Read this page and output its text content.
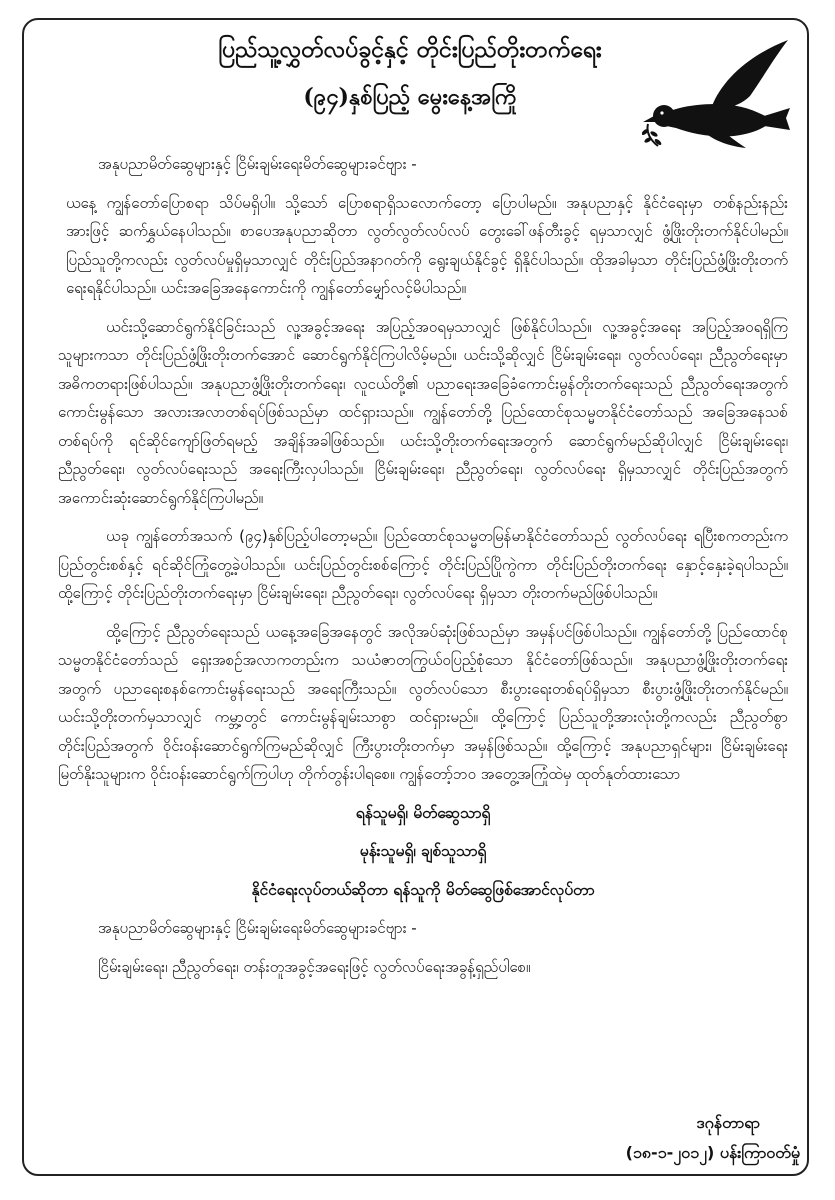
ပြည်သူ့လွှတ်လပ်ခွင့်နှင့် တိုင်းပြည်တိုးတက်ရေး
(၉၄)နှစ်ပြည့် မွေးနေ့အကြို

အနုပညာမိတ်ဆွေများနှင့် ငြိမ်းချမ်းရေးမိတ်ဆွေများခင်ဗျား -

ယနေ့ ကျွန်တော်ပြောစရာ သိပ်မရှိပါ။ သို့သော် ပြောစရာရှိသလောက်တော့ ပြောပါမည်။ အနုပညာနှင့် နိုင်ငံရေးမှာ တစ်နည်းနည်းအားဖြင့် ဆက်နွှယ်နေပါသည်။ စာပေအနုပညာဆိုတာ လွတ်လွတ်လပ်လပ် တွေးခေါ်ဖန်တီးခွင့် ရမှသာလျှင် ဖွံ့ဖြိုးတိုးတက်နိုင်ပါမည်။ ပြည်သူတို့ကလည်း လွတ်လပ်မှုရှိမှသာလျှင် တိုင်းပြည်အနာဂတ်ကို ရွေးချယ်နိုင်ခွင့် ရှိနိုင်ပါသည်။ ထိုအခါမှသာ တိုင်းပြည်ဖွံ့ဖြိုးတိုးတက်ရေးရနိုင်ပါသည်။ ယင်းအခြေအနေကောင်းကို ကျွန်တော်မျှော်လင့်မိပါသည်။

ယင်းသို့ဆောင်ရွက်နိုင်ခြင်းသည် လူ့အခွင့်အရေး အပြည့်အဝရမှသာလျှင် ဖြစ်နိုင်ပါသည်။ လူ့အခွင့်အရေး အပြည့်အဝရရှိကြသူများကသာ တိုင်းပြည်ဖွံ့ဖြိုးတိုးတက်အောင် ဆောင်ရွက်နိုင်ကြပါလိမ့်မည်။ ယင်းသို့ဆိုလျှင် ငြိမ်းချမ်းရေး၊ လွတ်လပ်ရေး၊ ညီညွတ်ရေးမှာ အဓိကတရားဖြစ်ပါသည်။ အနုပညာဖွံ့ဖြိုးတိုးတက်ရေး၊ လူငယ်တို့၏ ပညာရေးအခြေခံကောင်းမွန်တိုးတက်ရေးသည် ညီညွတ်ရေးအတွက် ကောင်းမွန်သော အလားအလာတစ်ရပ်ဖြစ်သည်မှာ ထင်ရှားသည်။ ကျွန်တော်တို့ ပြည်ထောင်စုသမ္မတနိုင်ငံတော်သည် အခြေအနေသစ်တစ်ရပ်ကို ရင်ဆိုင်ကျော်ဖြတ်ရမည့် အချိန်အခါဖြစ်သည်။ ယင်းသို့တိုးတက်ရေးအတွက် ဆောင်ရွက်မည်ဆိုပါလျှင် ငြိမ်းချမ်းရေး၊ ညီညွတ်ရေး၊ လွတ်လပ်ရေးသည် အရေးကြီးလှပါသည်။ ငြိမ်းချမ်းရေး၊ ညီညွတ်ရေး၊ လွတ်လပ်ရေး ရှိမှသာလျှင် တိုင်းပြည်အတွက် အကောင်းဆုံးဆောင်ရွက်နိုင်ကြပါမည်။

ယခု ကျွန်တော်အသက် (၉၄)နှစ်ပြည့်ပါတော့မည်။ ပြည်ထောင်စုသမ္မတမြန်မာနိုင်ငံတော်သည် လွတ်လပ်ရေး ရပြီးစကတည်းက ပြည်တွင်းစစ်နှင့် ရင်ဆိုင်ကြုံတွေ့ခဲ့ပါသည်။ ယင်းပြည်တွင်းစစ်ကြောင့် တိုင်းပြည်ပြိုကွဲကာ တိုင်းပြည်တိုးတက်ရေး နှောင့်နှေးခဲ့ရပါသည်။ ထို့ကြောင့် တိုင်းပြည်တိုးတက်ရေးမှာ ငြိမ်းချမ်းရေး၊ ညီညွတ်ရေး၊ လွတ်လပ်ရေး ရှိမှသာ တိုးတက်မည်ဖြစ်ပါသည်။

ထို့ကြောင့် ညီညွတ်ရေးသည် ယနေ့အခြေအနေတွင် အလိုအပ်ဆုံးဖြစ်သည်မှာ အမှန်ပင်ဖြစ်ပါသည်။ ကျွန်တော်တို့ ပြည်ထောင်စုသမ္မတနိုင်ငံတော်သည် ရှေးအစဉ်အလာကတည်းက သယံဇာတကြွယ်ဝပြည့်စုံသော နိုင်ငံတော်ဖြစ်သည်။ အနုပညာဖွံ့ဖြိုးတိုးတက်ရေးအတွက် ပညာရေးစနစ်ကောင်းမွန်ရေးသည် အရေးကြီးသည်။ လွတ်လပ်သော စီးပွားရေးတစ်ရပ်ရှိမှသာ စီးပွားဖွံ့ဖြိုးတိုးတက်နိုင်မည်။ ယင်းသို့တိုးတက်မှသာလျှင် ကမ္ဘာ့တွင် ကောင်းမွန်ချမ်းသာစွာ ထင်ရှားမည်။ ထို့ကြောင့် ပြည်သူတို့အားလုံးတို့ကလည်း ညီညွတ်စွာ တိုင်းပြည်အတွက် ဝိုင်းဝန်းဆောင်ရွက်ကြမည်ဆိုလျှင် ကြီးပွားတိုးတက်မှာ အမှန်ဖြစ်သည်။ ထို့ကြောင့် အနုပညာရှင်များ၊ ငြိမ်းချမ်းရေး မြတ်နိုးသူများက ဝိုင်းဝန်းဆောင်ရွက်ကြပါဟု တိုက်တွန်းပါရစေ။ ကျွန်တော့်ဘဝ အတွေ့အကြုံထဲမှ ထုတ်နုတ်ထားသော

ရန်သူမရှိ၊ မိတ်ဆွေသာရှိ

မုန်းသူမရှိ၊ ချစ်သူသာရှိ

နိုင်ငံရေးလုပ်တယ်ဆိုတာ ရန်သူကို မိတ်ဆွေဖြစ်အောင်လုပ်တာ

အနုပညာမိတ်ဆွေများနှင့် ငြိမ်းချမ်းရေးမိတ်ဆွေများခင်ဗျား -

ငြိမ်းချမ်းရေး၊ ညီညွတ်ရေး၊ တန်းတူအခွင့်အရေးဖြင့် လွတ်လပ်ရေးအခွန့်ရှည်ပါစေ။

ဒဂုန်တာရာ
(၁၈-၁-၂၀၁၂) ပန်းကြာဝတ်မှုံ
